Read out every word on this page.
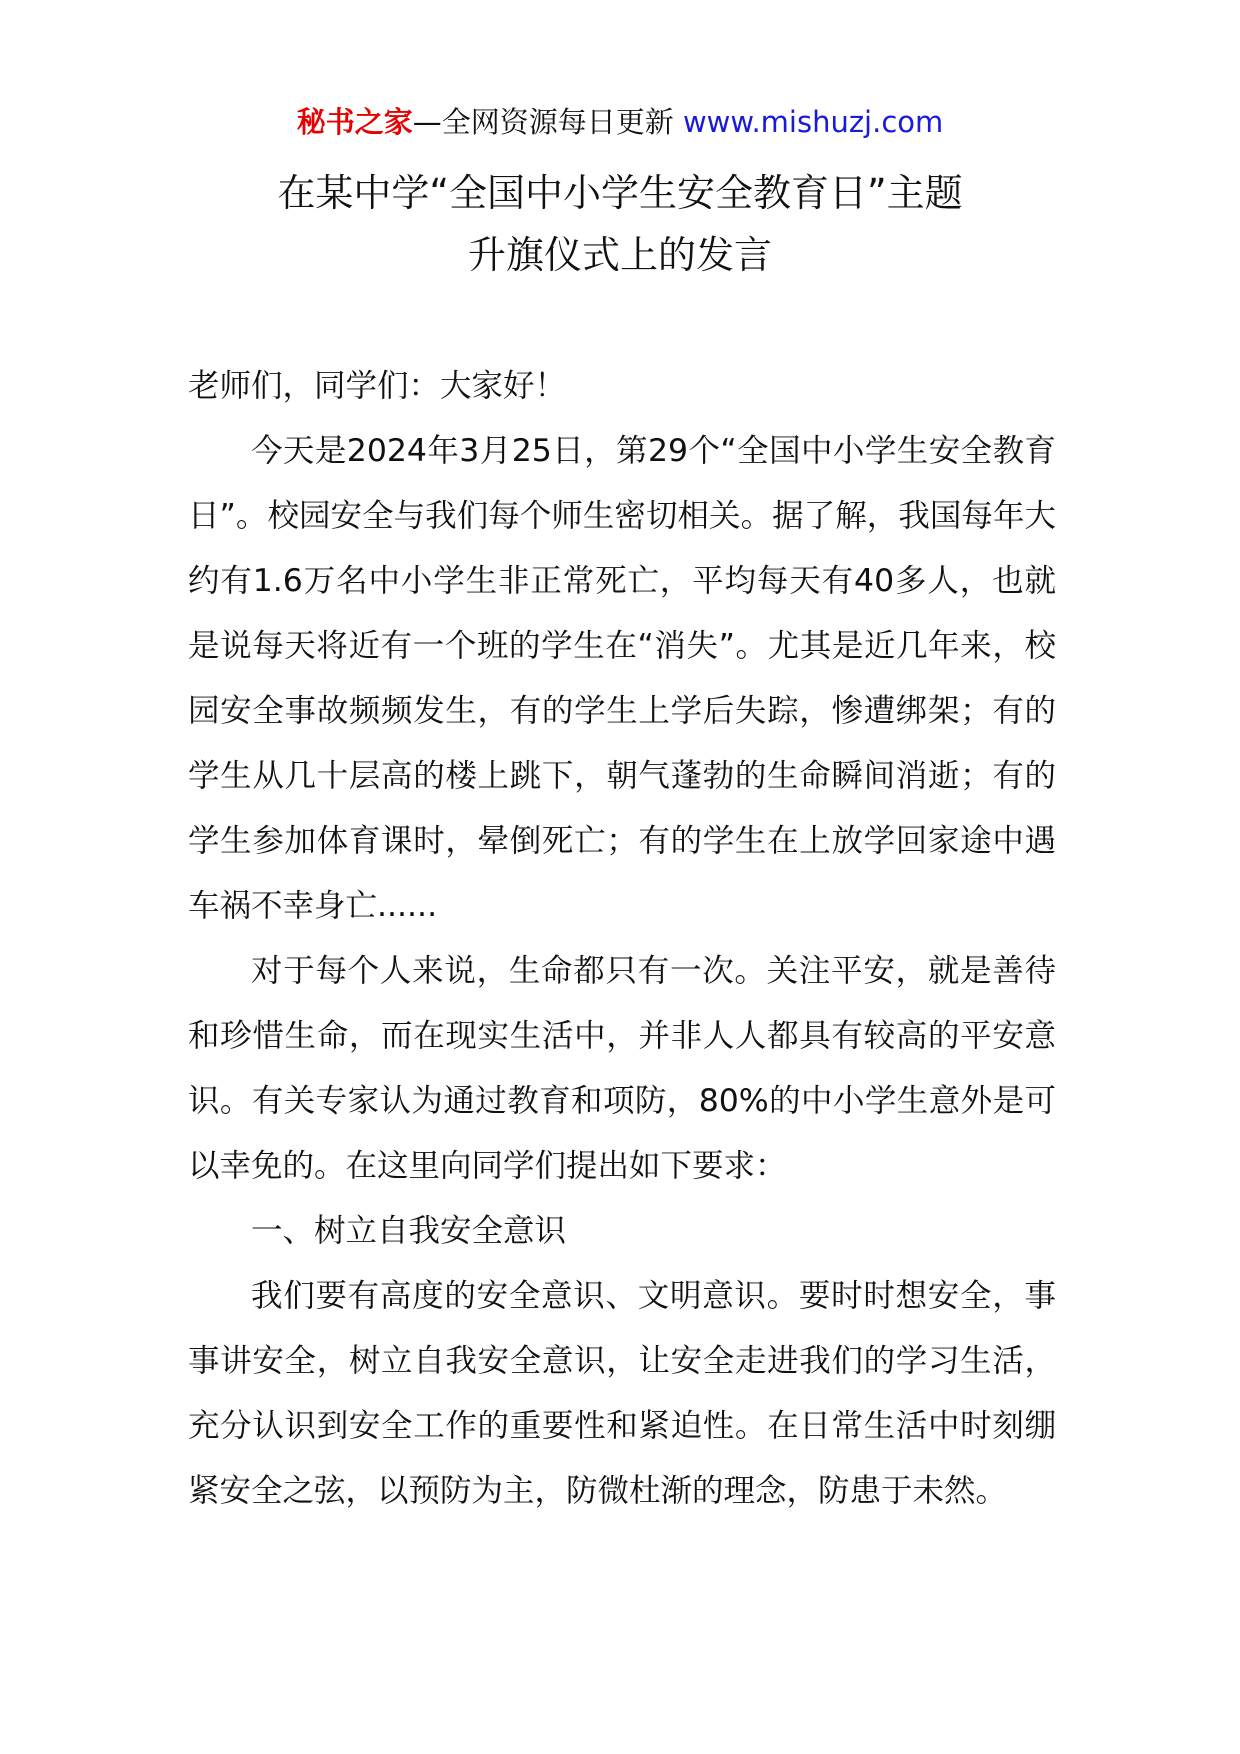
秘书之家—全网资源每日更新 www.mishuzj.com
在某中学“全国中小学生安全教育日”主题
升旗仪式上的发言

老师们，同学们：大家好！

今天是2024年3月25日，第29个“全国中小学生安全教育日”。校园安全与我们每个师生密切相关。据了解，我国每年大约有1.6万名中小学生非正常死亡，平均每天有40多人，也就是说每天将近有一个班的学生在“消失”。尤其是近几年来，校园安全事故频频发生，有的学生上学后失踪，惨遭绑架；有的学生从几十层高的楼上跳下，朝气蓬勃的生命瞬间消逝；有的学生参加体育课时，晕倒死亡；有的学生在上放学回家途中遇车祸不幸身亡......

对于每个人来说，生命都只有一次。关注平安，就是善待和珍惜生命，而在现实生活中，并非人人都具有较高的平安意识。有关专家认为通过教育和项防，80%的中小学生意外是可以幸免的。在这里向同学们提出如下要求：

一、树立自我安全意识

我们要有高度的安全意识、文明意识。要时时想安全，事事讲安全，树立自我安全意识，让安全走进我们的学习生活，充分认识到安全工作的重要性和紧迫性。在日常生活中时刻绷紧安全之弦，以预防为主，防微杜渐的理念，防患于未然。
